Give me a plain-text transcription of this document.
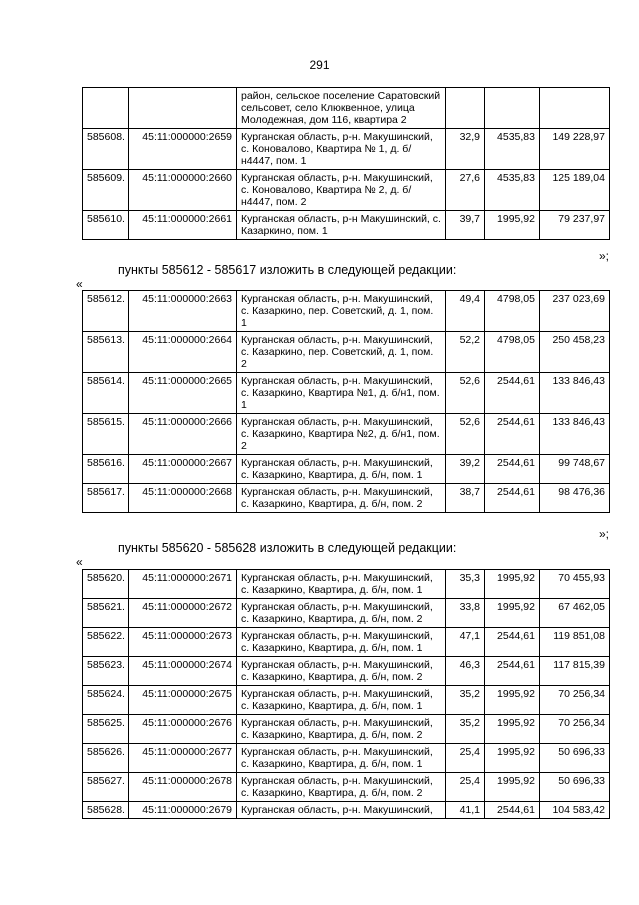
291
		район, сельское поселение Саратовский сельсовет, село Клюквенное, улица Молодежная, дом 116, квартира 2			
585608.	45:11:000000:2659	Курганская область, р-н. Макушинский, с. Коновалово, Квартира № 1, д. б/н4447, пом. 1	32,9	4535,83	149 228,97
585609.	45:11:000000:2660	Курганская область, р-н. Макушинский, с. Коновалово, Квартира № 2, д. б/н4447, пом. 2	27,6	4535,83	125 189,04
585610.	45:11:000000:2661	Курганская область, р-н Макушинский, с. Казаркино, пом. 1	39,7	1995,92	79 237,97
»;
пункты 585612 - 585617 изложить в следующей редакции:
«
585612.	45:11:000000:2663	Курганская область, р-н. Макушинский, с. Казаркино, пер. Советский, д. 1, пом. 1	49,4	4798,05	237 023,69
585613.	45:11:000000:2664	Курганская область, р-н. Макушинский, с. Казаркино, пер. Советский, д. 1, пом. 2	52,2	4798,05	250 458,23
585614.	45:11:000000:2665	Курганская область, р-н. Макушинский, с. Казаркино, Квартира №1, д. б/н1, пом. 1	52,6	2544,61	133 846,43
585615.	45:11:000000:2666	Курганская область, р-н. Макушинский, с. Казаркино, Квартира №2, д. б/н1, пом. 2	52,6	2544,61	133 846,43
585616.	45:11:000000:2667	Курганская область, р-н. Макушинский, с. Казаркино, Квартира, д. б/н, пом. 1	39,2	2544,61	99 748,67
585617.	45:11:000000:2668	Курганская область, р-н. Макушинский, с. Казаркино, Квартира, д. б/н, пом. 2	38,7	2544,61	98 476,36
»;
пункты 585620 - 585628 изложить в следующей редакции:
«
585620.	45:11:000000:2671	Курганская область, р-н. Макушинский, с. Казаркино, Квартира, д. б/н, пом. 1	35,3	1995,92	70 455,93
585621.	45:11:000000:2672	Курганская область, р-н. Макушинский, с. Казаркино, Квартира, д. б/н, пом. 2	33,8	1995,92	67 462,05
585622.	45:11:000000:2673	Курганская область, р-н. Макушинский, с. Казаркино, Квартира, д. б/н, пом. 1	47,1	2544,61	119 851,08
585623.	45:11:000000:2674	Курганская область, р-н. Макушинский, с. Казаркино, Квартира, д. б/н, пом. 2	46,3	2544,61	117 815,39
585624.	45:11:000000:2675	Курганская область, р-н. Макушинский, с. Казаркино, Квартира, д. б/н, пом. 1	35,2	1995,92	70 256,34
585625.	45:11:000000:2676	Курганская область, р-н. Макушинский, с. Казаркино, Квартира, д. б/н, пом. 2	35,2	1995,92	70 256,34
585626.	45:11:000000:2677	Курганская область, р-н. Макушинский, с. Казаркино, Квартира, д. б/н, пом. 1	25,4	1995,92	50 696,33
585627.	45:11:000000:2678	Курганская область, р-н. Макушинский, с. Казаркино, Квартира, д. б/н, пом. 2	25,4	1995,92	50 696,33
585628.	45:11:000000:2679	Курганская область, р-н. Макушинский,	41,1	2544,61	104 583,42
